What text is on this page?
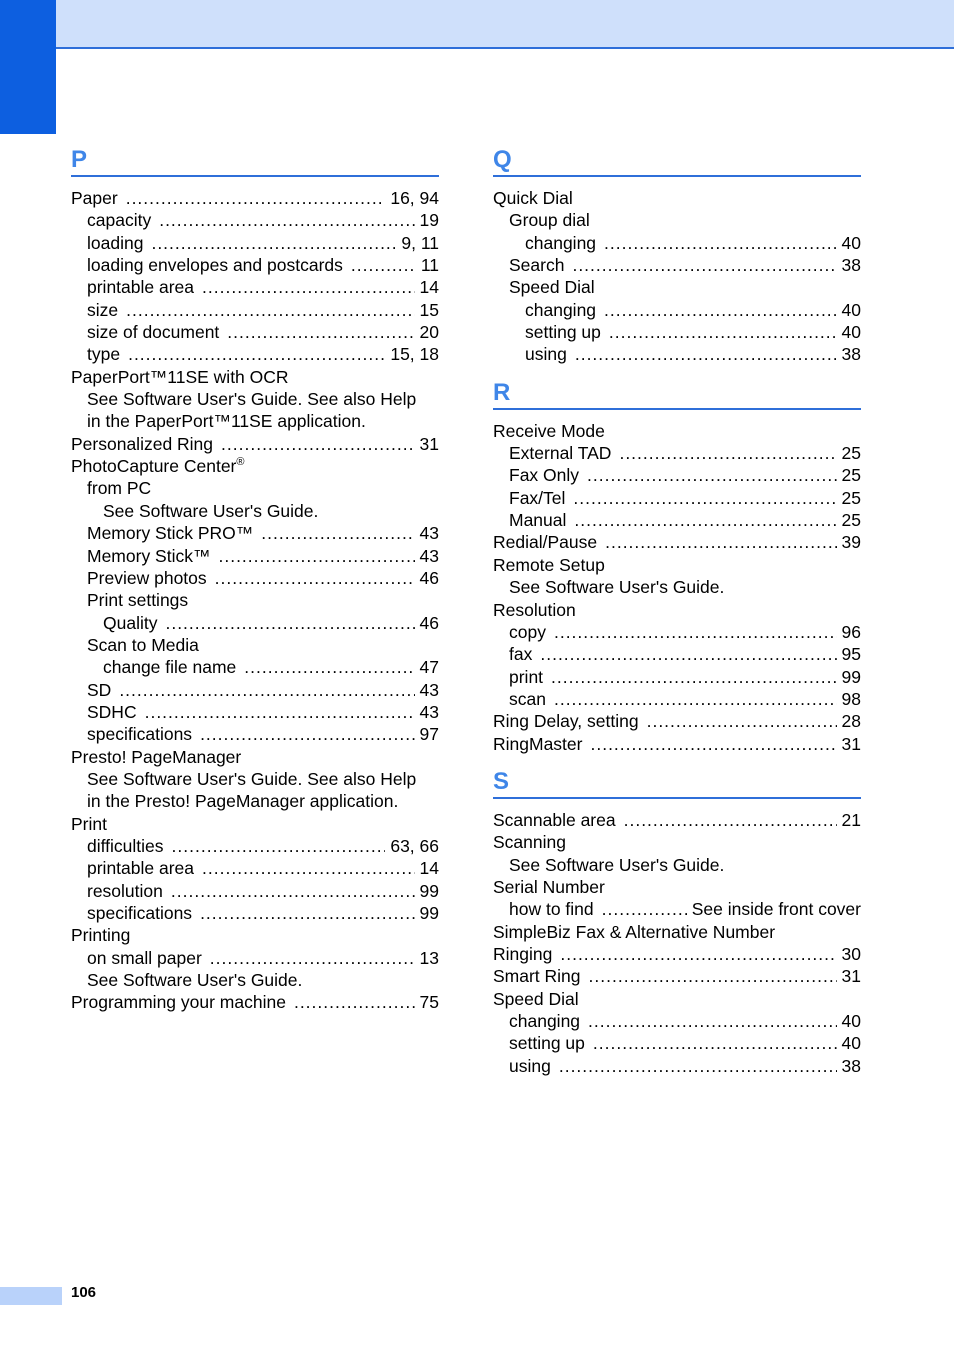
P
Paper .....	16, 94
capacity .....	19
loading .....	9, 11
loading envelopes and postcards .....	11
printable area .....	14
size .....	15
size of document .....	20
type .....	15, 18
PaperPort™11SE with OCR
See Software User's Guide. See also Help
in the PaperPort™11SE application.
Personalized Ring .....	31
PhotoCapture Center®
from PC
See Software User's Guide.
Memory Stick PRO™ .....	43
Memory Stick™ .....	43
Preview photos .....	46
Print settings
Quality .....	46
Scan to Media
change file name .....	47
SD .....	43
SDHC .....	43
specifications .....	97
Presto! PageManager
See Software User's Guide. See also Help
in the Presto! PageManager application.
Print
difficulties .....	63, 66
printable area .....	14
resolution .....	99
specifications .....	99
Printing
on small paper .....	13
See Software User's Guide.
Programming your machine .....	75
Q
Quick Dial
Group dial
changing .....	40
Search .....	38
Speed Dial
changing .....	40
setting up .....	40
using .....	38
R
Receive Mode
External TAD .....	25
Fax Only .....	25
Fax/Tel .....	25
Manual .....	25
Redial/Pause .....	39
Remote Setup
See Software User's Guide.
Resolution
copy .....	96
fax .....	95
print .....	99
scan .....	98
Ring Delay, setting .....	28
RingMaster .....	31
S
Scannable area .....	21
Scanning
See Software User's Guide.
Serial Number
how to find .....	See inside front cover
SimpleBiz Fax & Alternative Number
Ringing .....	30
Smart Ring .....	31
Speed Dial
changing .....	40
setting up .....	40
using .....	38
106
